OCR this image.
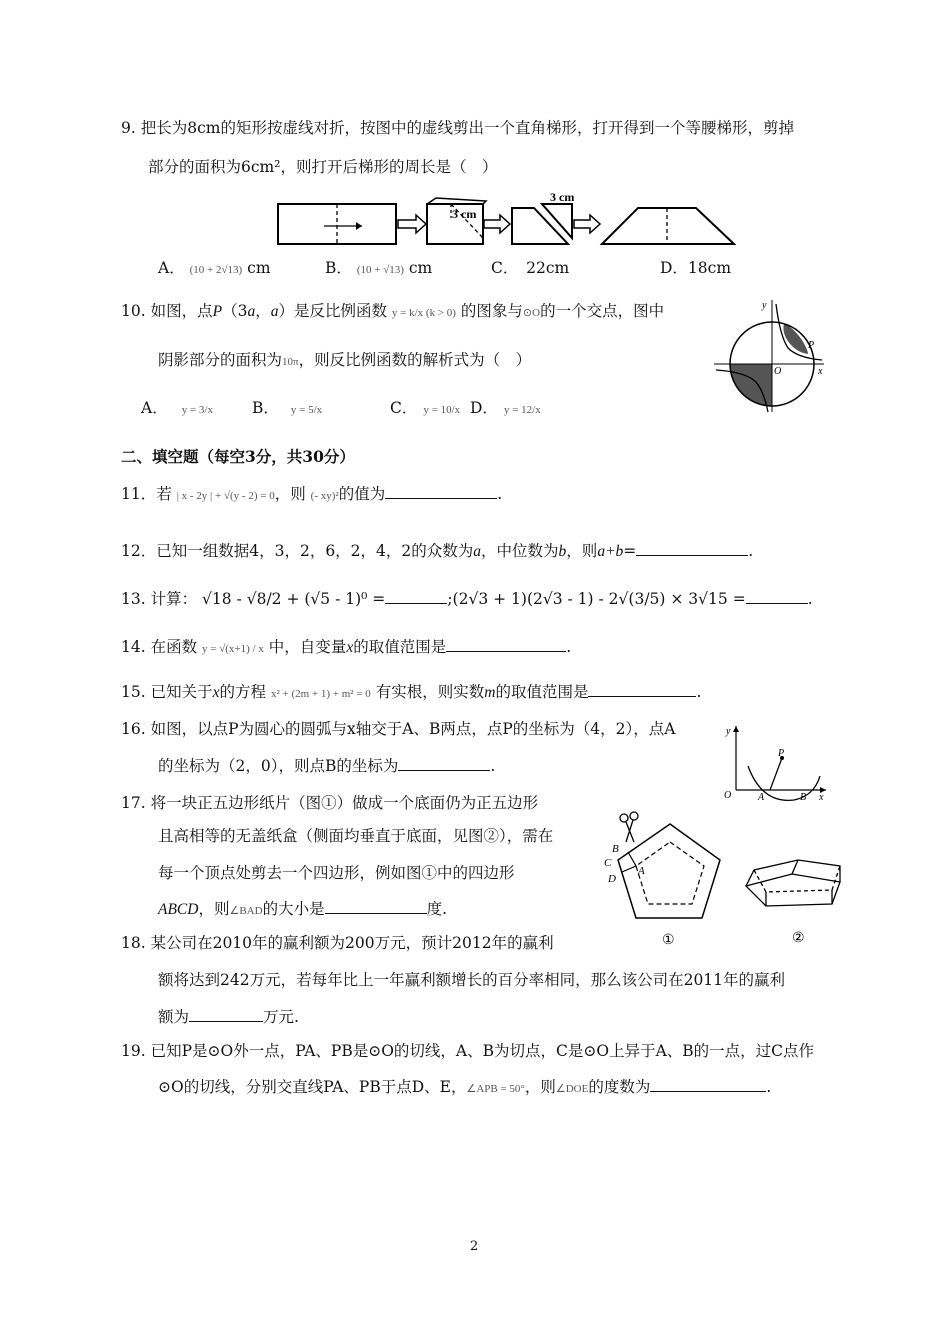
9. 把长为8cm的矩形按虚线对折，按图中的虚线剪出一个直角梯形，打开得到一个等腰梯形，剪掉
部分的面积为6cm²，则打开后梯形的周长是（　）
3 cm
3 cm
A． (10 + 2√13) cm	B． (10 + √13) cm	C．　22cm	D．18cm
10. 如图，点P（3a，a）是反比例函数 y = k/x (k > 0) 的图象与⊙O的一个交点，图中
阴影部分的面积为10π，则反比例函数的解析式为（　）
A． y = 3/x	B． y = 5/x	C． y = 10/x D． y = 12/x
y
x
O
P
二、填空题（每空3分，共30分）
11．若 | x - 2y | + √(y - 2) = 0，则 (- xy)²的值为	.
12．已知一组数据4，3，2，6，2，4，2的众数为a，中位数为b，则a+b=	.
13. 计算： √18 - √8/2 + (√5 - 1)⁰ =	;(2√3 + 1)(2√3 - 1) - 2√(3/5) × 3√15 =	.
14. 在函数 y = √(x+1) / x 中，自变量x的取值范围是	.
15. 已知关于x的方程 x² + (2m + 1) + m² = 0 有实根，则实数m的取值范围是	.
16. 如图，以点P为圆心的圆弧与x轴交于A、B两点，点P的坐标为（4，2），点A
的坐标为（2，0），则点B的坐标为	.
y
x
O	A	B
P
17. 将一块正五边形纸片（图①）做成一个底面仍为正五边形
且高相等的无盖纸盒（侧面均垂直于底面，见图②），需在
每一个顶点处剪去一个四边形，例如图①中的四边形
ABCD，则∠BAD的大小是	度.
B
C
D
A
①	②
18. 某公司在2010年的赢利额为200万元，预计2012年的赢利
额将达到242万元，若每年比上一年赢利额增长的百分率相同，那么该公司在2011年的赢利
额为	万元.
19. 已知P是⊙O外一点，PA、PB是⊙O的切线，A、B为切点，C是⊙O上异于A、B的一点，过C点作
⊙O的切线，分别交直线PA、PB于点D、E，∠APB = 50°，则∠DOE的度数为	.
2
